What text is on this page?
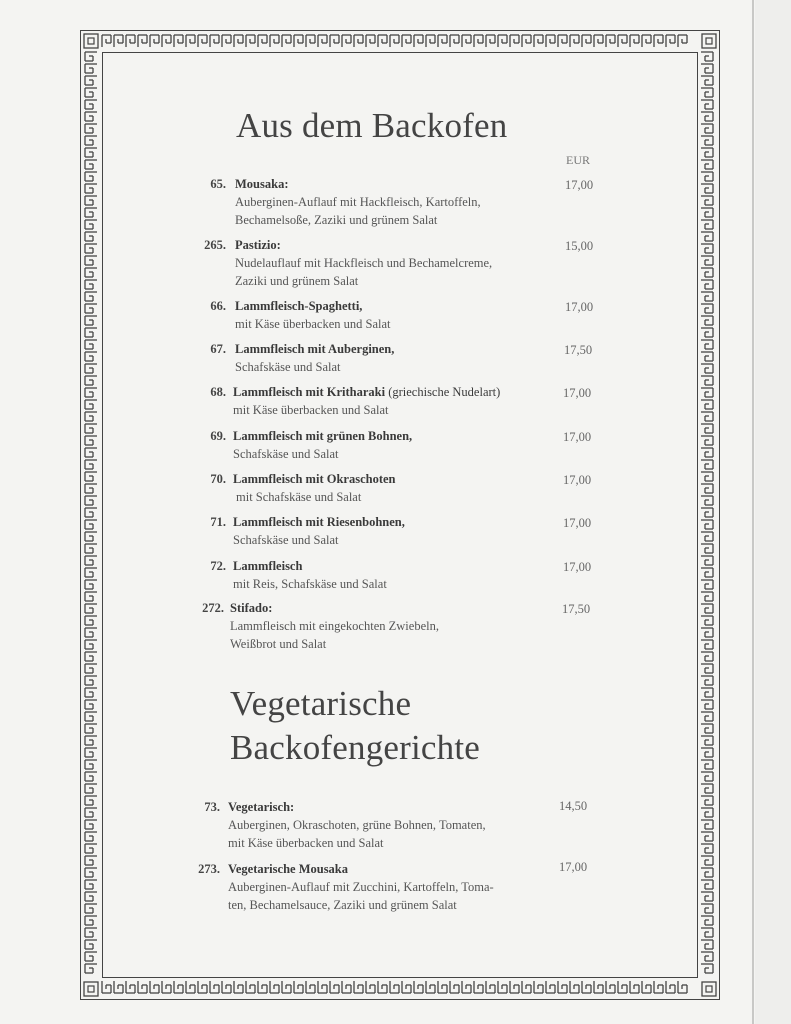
Aus dem Backofen
EUR
Vegetarische
Backofengerichte
65. Mousaka:
Auberginen-Auflauf mit Hackfleisch, Kartoffeln,
Bechamelsoße, Zaziki und grünem Salat
17,00
265. Pastizio:
Nudelauflauf mit Hackfleisch und Bechamelcreme,
Zaziki und grünem Salat
15,00
66. Lammfleisch-Spaghetti,
mit Käse überbacken und Salat
17,00
67. Lammfleisch mit Auberginen,
Schafskäse und Salat
17,50
68. Lammfleisch mit Kritharaki (griechische Nudelart)
mit Käse überbacken und Salat
17,00
69. Lammfleisch mit grünen Bohnen,
Schafskäse und Salat
17,00
70. Lammfleisch mit Okraschoten
mit Schafskäse und Salat
17,00
71. Lammfleisch mit Riesenbohnen,
Schafskäse und Salat
17,00
72. Lammfleisch
mit Reis, Schafskäse und Salat
17,00
272. Stifado:
Lammfleisch mit eingekochten Zwiebeln,
Weißbrot und Salat
17,50
73. Vegetarisch:
Auberginen, Okraschoten, grüne Bohnen, Tomaten,
mit Käse überbacken und Salat
14,50
273. Vegetarische Mousaka
Auberginen-Auflauf mit Zucchini, Kartoffeln, Toma-
ten, Bechamelsauce, Zaziki und grünem Salat
17,00
